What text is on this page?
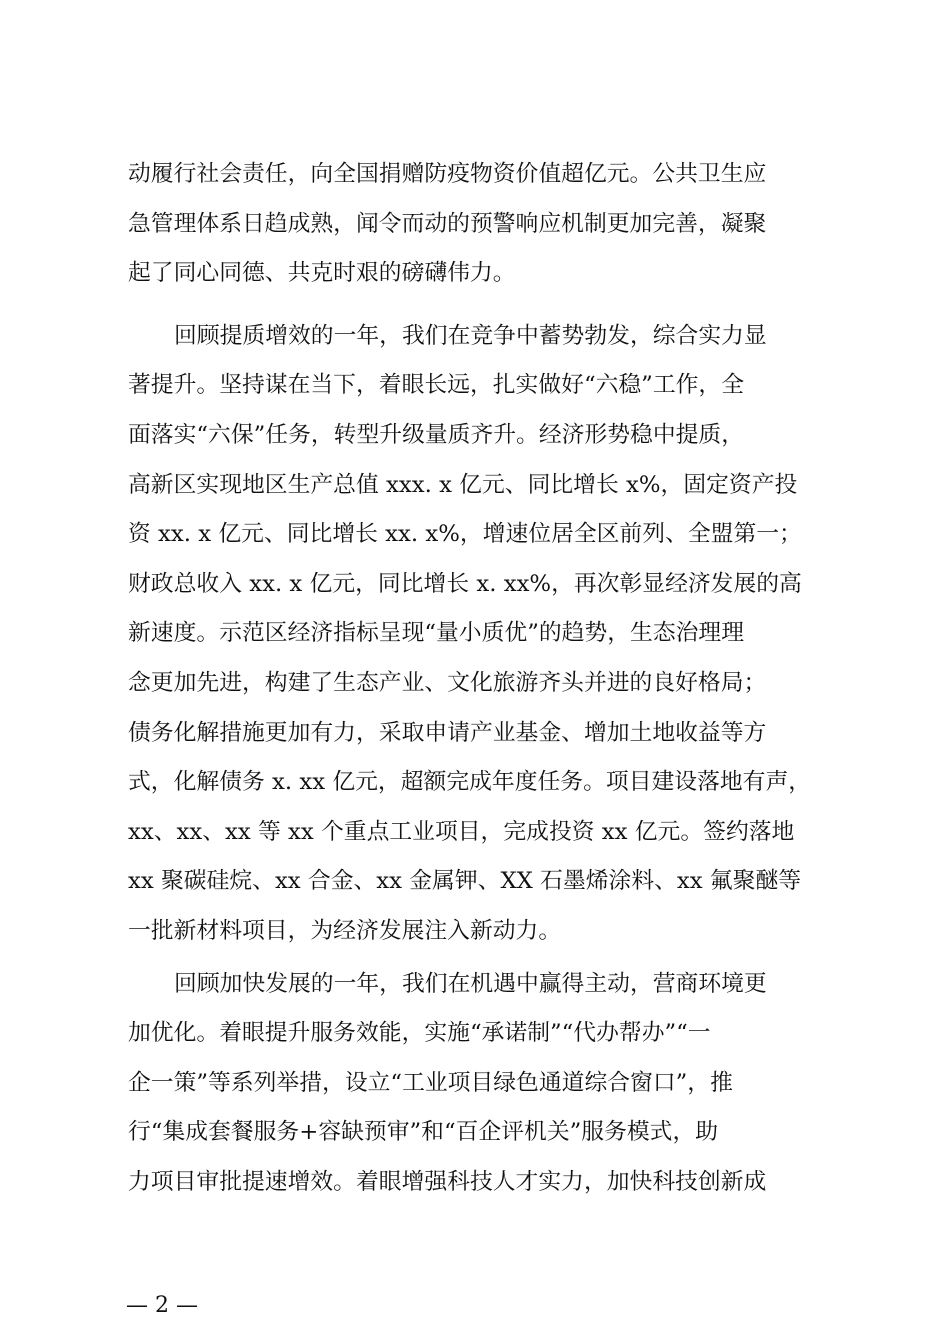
动履行社会责任，向全国捐赠防疫物资价值超亿元。公共卫生应
急管理体系日趋成熟，闻令而动的预警响应机制更加完善，凝聚
起了同心同德、共克时艰的磅礴伟力。
回顾提质增效的一年，我们在竞争中蓄势勃发，综合实力显
著提升。坚持谋在当下，着眼长远，扎实做好“六稳”工作，全
面落实“六保”任务，转型升级量质齐升。经济形势稳中提质，
高新区实现地区生产总值 xxx. x 亿元、同比增长 x%，固定资产投
资 xx. x 亿元、同比增长 xx. x%，增速位居全区前列、全盟第一；
财政总收入 xx. x 亿元，同比增长 x. xx%，再次彰显经济发展的高
新速度。示范区经济指标呈现“量小质优”的趋势，生态治理理
念更加先进，构建了生态产业、文化旅游齐头并进的良好格局；
债务化解措施更加有力，采取申请产业基金、增加土地收益等方
式，化解债务 x. xx 亿元，超额完成年度任务。项目建设落地有声，
xx、xx、xx 等 xx 个重点工业项目，完成投资 xx 亿元。签约落地
xx 聚碳硅烷、xx 合金、xx 金属钾、XX 石墨烯涂料、xx 氟聚醚等
一批新材料项目，为经济发展注入新动力。
回顾加快发展的一年，我们在机遇中赢得主动，营商环境更
加优化。着眼提升服务效能，实施“承诺制”“代办帮办”“一
企一策”等系列举措，设立“工业项目绿色通道综合窗口”，推
行“集成套餐服务+容缺预审”和“百企评机关”服务模式，助
力项目审批提速增效。着眼增强科技人才实力，加快科技创新成
— 2 —
